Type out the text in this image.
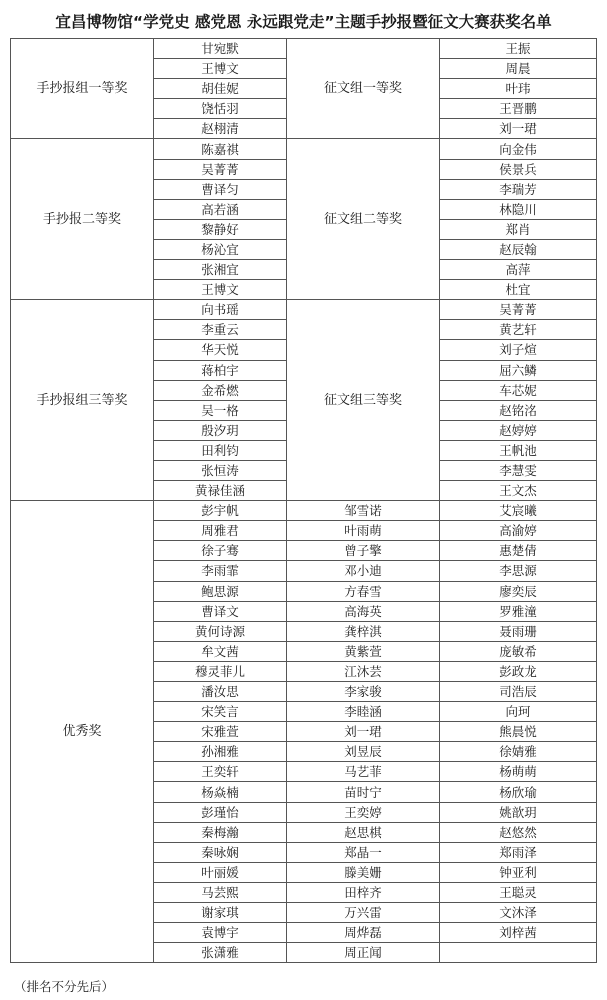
宜昌博物馆“学党史 感党恩 永远跟党走”主题手抄报暨征文大赛获奖名单
手抄报组一等奖	甘宛默	征文组一等奖	王振
	王博文		周晨
	胡佳妮		叶玮
	饶恬羽		王晋鹏
	赵栩清		刘一珺
手抄报二等奖	陈嘉祺	征文组二等奖	向金伟
	吴菁菁		侯景兵
	曹译匀		李瑞芳
	高若涵		林隐川
	黎静好		郑肖
	杨沁宜		赵辰翰
	张湘宜		高萍
	王博文		杜宜
手抄报组三等奖	向书瑶	征文组三等奖	吴菁菁
	李重云		黄艺轩
	华天悦		刘子煊
	蒋柏宇		屈六鳞
	金希燃		车芯妮
	吴一格		赵铭洺
	殷汐玥		赵婷婷
	田利钧		王帆池
	张恒涛		李慧雯
	黄禄佳涵		王文杰
优秀奖	彭宇帆	邹雪诺	艾宸曦
	周雅君	叶雨萌	高渝婷
	徐子骞	曾子擎	惠楚倩
	李雨霏	邓小迪	李思源
	鲍思源	方春雪	廖奕辰
	曹译文	高海英	罗雅潼
	黄何诗源	龚梓淇	聂雨珊
	牟文茜	黄紫萱	庞敏希
	穆灵菲儿	江沐芸	彭政龙
	潘汝思	李家骏	司浩辰
	宋笑言	李睦涵	向珂
	宋雅萱	刘一珺	熊晨悦
	孙湘雅	刘昱辰	徐婧雅
	王奕轩	马艺菲	杨萌萌
	杨焱楠	苗时宁	杨欣瑜
	彭瑾怡	王奕婷	姚歆玥
	秦梅瀚	赵思棋	赵悠然
	秦咏娴	郑晶一	郑雨泽
	叶丽媛	滕美姗	钟亚利
	马芸熙	田梓齐	王聪灵
	谢家琪	万兴雷	文沐泽
	袁博宇	周烨磊	刘梓茜
	张潇雅	周正闻	
（排名不分先后）
